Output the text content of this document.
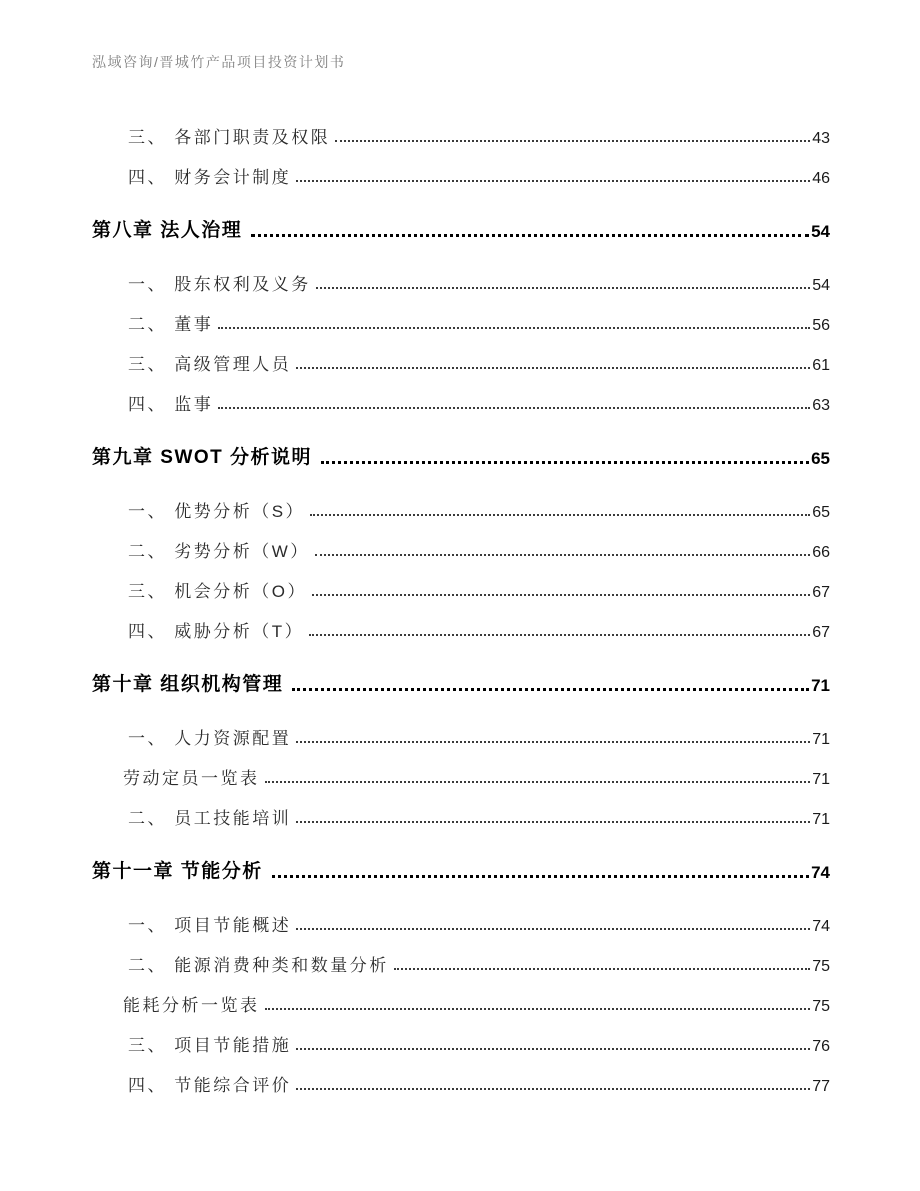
泓域咨询/晋城竹产品项目投资计划书
三、 各部门职责及权限	43
四、 财务会计制度	46
第八章 法人治理	54
一、 股东权利及义务	54
二、 董事	56
三、 高级管理人员	61
四、 监事	63
第九章 SWOT 分析说明	65
一、 优势分析（S）	65
二、 劣势分析（W）	66
三、 机会分析（O）	67
四、 威胁分析（T）	67
第十章 组织机构管理	71
一、 人力资源配置	71
劳动定员一览表	71
二、 员工技能培训	71
第十一章 节能分析	74
一、 项目节能概述	74
二、 能源消费种类和数量分析	75
能耗分析一览表	75
三、 项目节能措施	76
四、 节能综合评价	77
